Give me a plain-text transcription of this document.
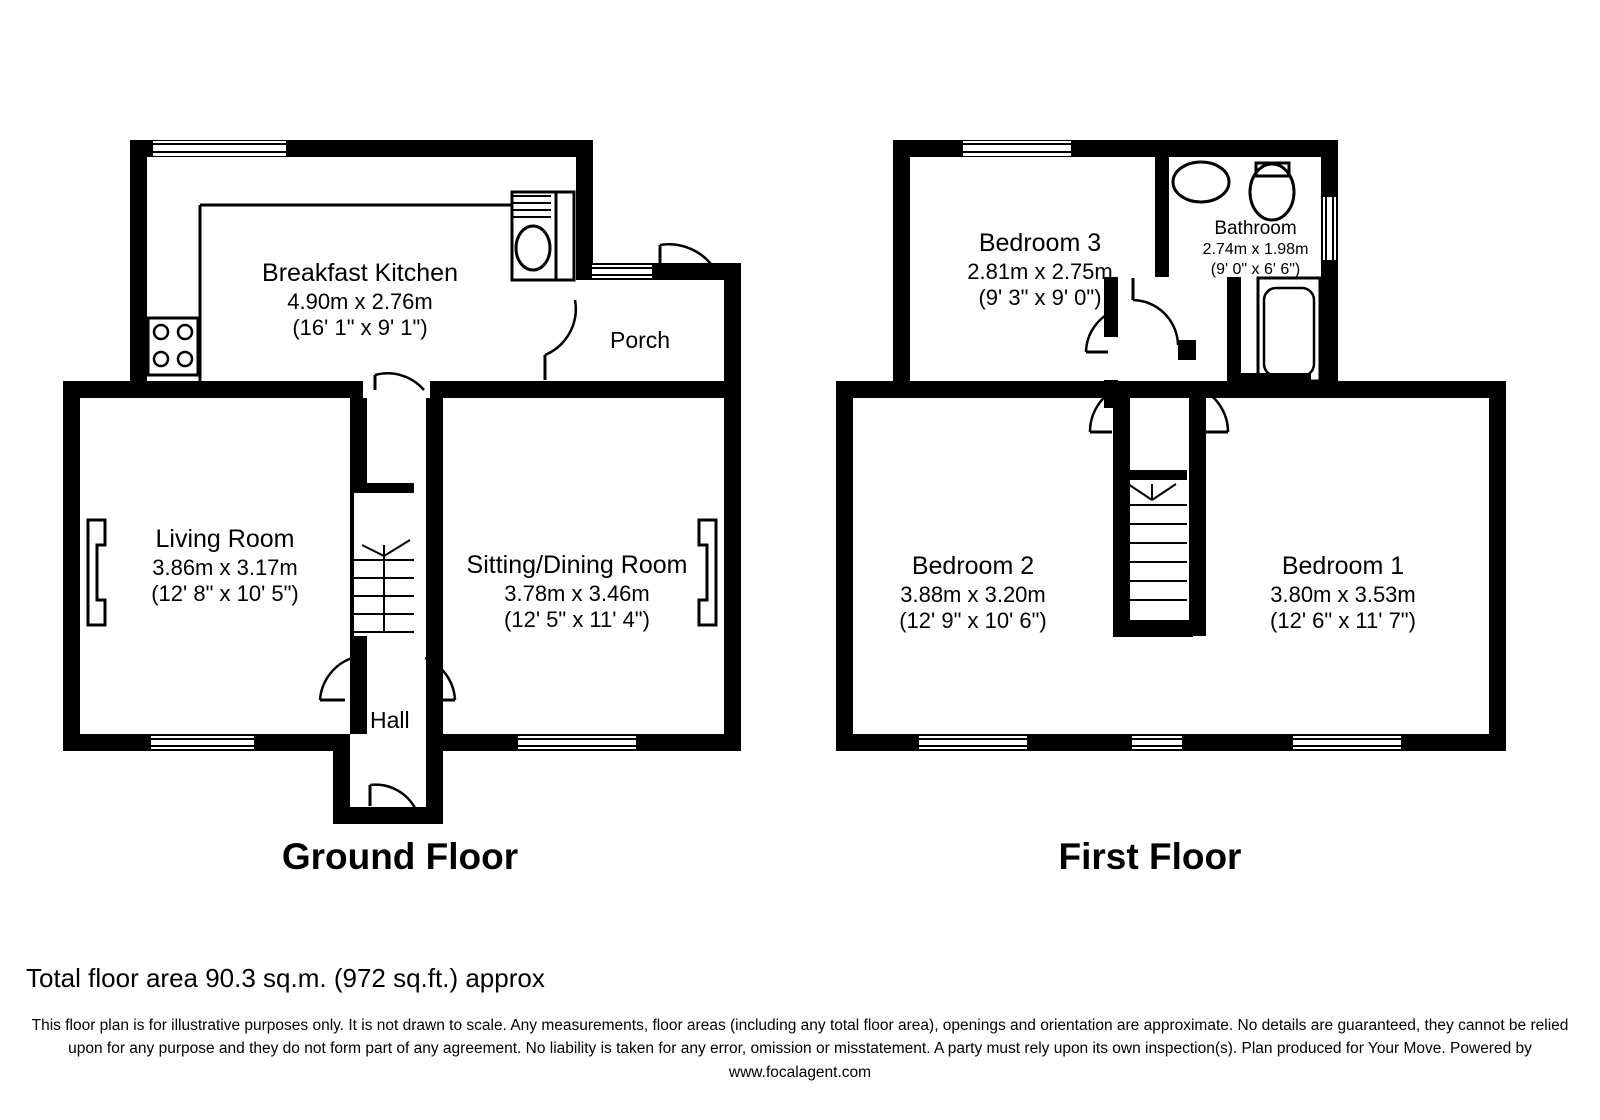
Breakfast Kitchen
4.90m x 2.76m
(16' 1" x 9' 1")	Porch
Living Room
3.86m x 3.17m
(12' 8" x 10' 5")
Sitting/Dining Room
3.78m x 3.46m
(12' 5" x 11' 4")
Hall
Ground Floor
Bedroom 3
2.81m x 2.75m
(9' 3" x 9' 0")
Bathroom
2.74m x 1.98m
(9' 0" x 6' 6")
Bedroom 2
3.88m x 3.20m
(12' 9" x 10' 6")
Bedroom 1
3.80m x 3.53m
(12' 6" x 11' 7")
First Floor
Total floor area 90.3 sq.m. (972 sq.ft.) approx
This floor plan is for illustrative purposes only. It is not drawn to scale. Any measurements, floor areas (including any total floor area), openings and orientation are approximate. No details are guaranteed, they cannot be relied upon for any purpose and they do not form part of any agreement. No liability is taken for any error, omission or misstatement. A party must rely upon its own inspection(s). Plan produced for Your Move. Powered by www.focalagent.com
